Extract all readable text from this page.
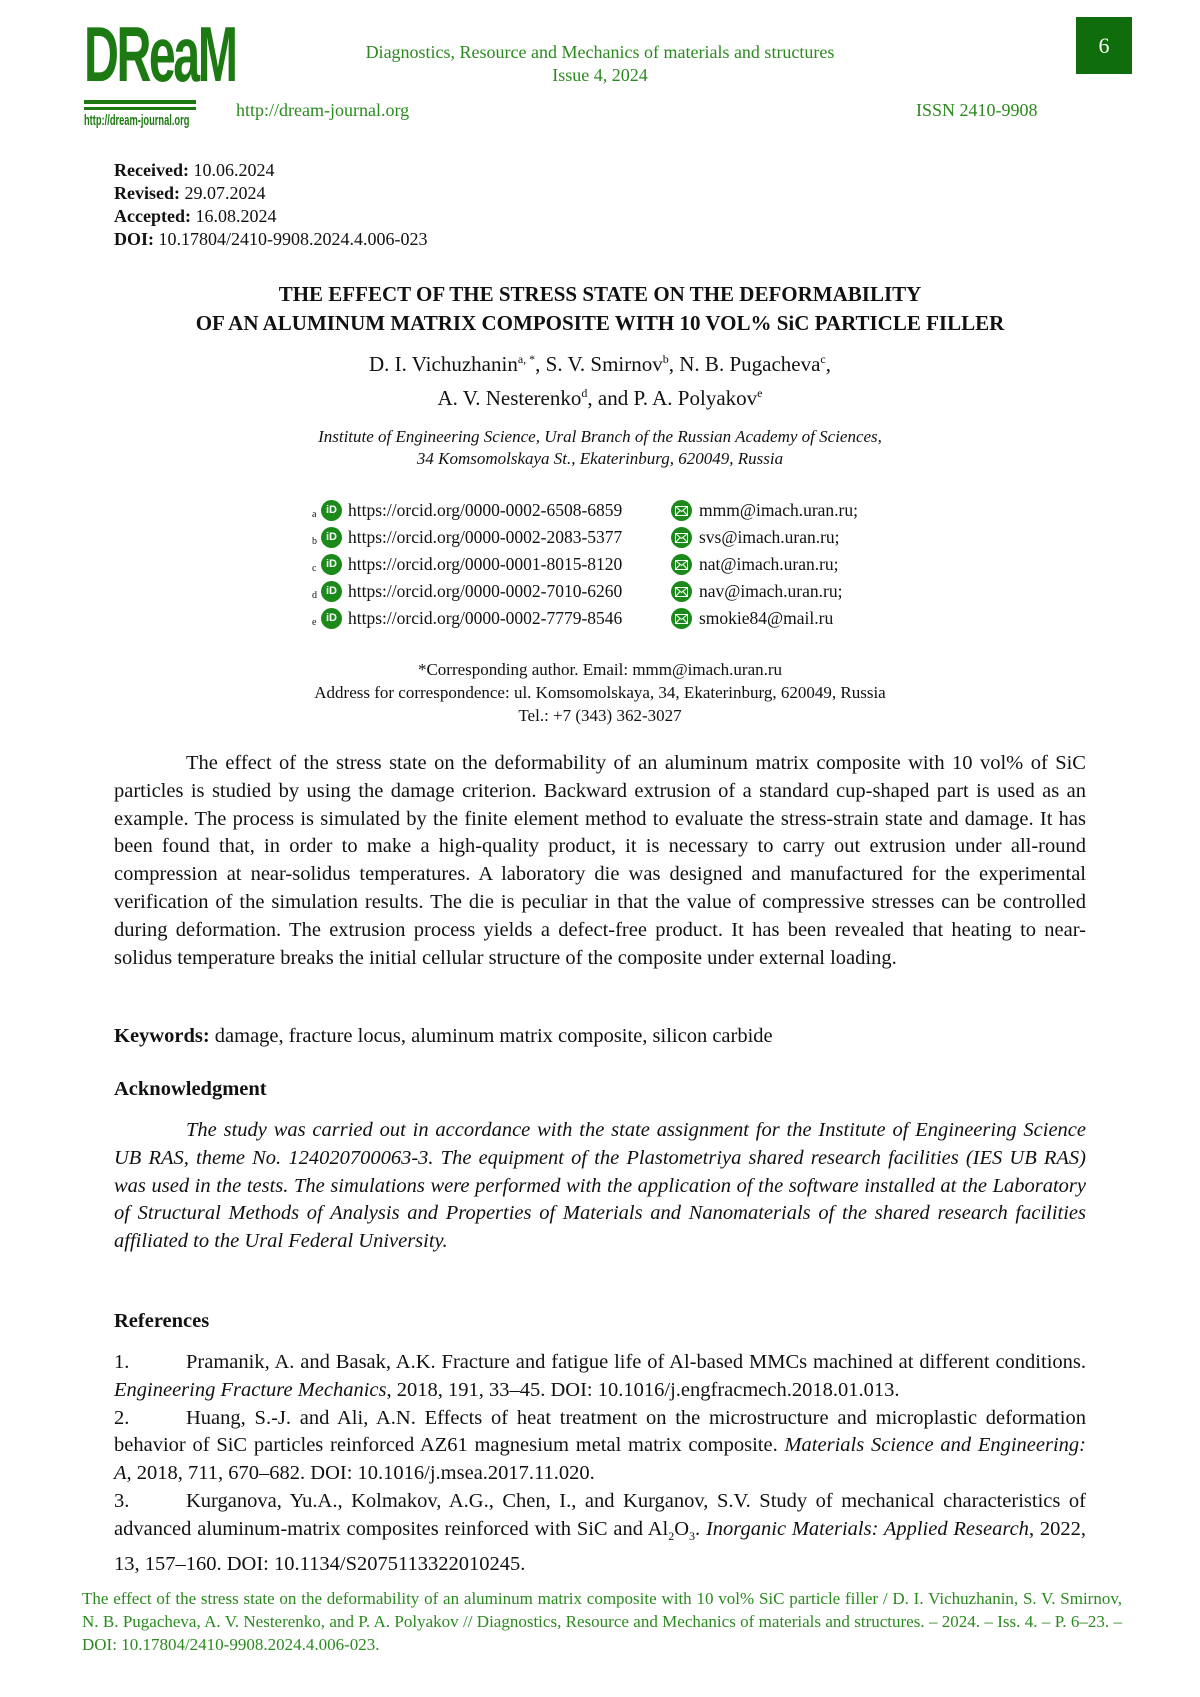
DReaM
http://dream-journal.org
Diagnostics, Resource and Mechanics of materials and structures
Issue 4, 2024
http://dream-journal.org	ISSN 2410-9908
6
Received: 10.06.2024
Revised: 29.07.2024
Accepted: 16.08.2024
DOI: 10.17804/2410-9908.2024.4.006-023
THE EFFECT OF THE STRESS STATE ON THE DEFORMABILITY
OF AN ALUMINUM MATRIX COMPOSITE WITH 10 VOL% SiC PARTICLE FILLER
D. I. Vichuzhanin$^{a, *}$, S. V. Smirnov$^b$, N. B. Pugacheva$^c$,
A. V. Nesterenko$^d$, and P. A. Polyakov$^e$
Institute of Engineering Science, Ural Branch of the Russian Academy of Sciences,
34 Komsomolskaya St., Ekaterinburg, 620049, Russia
a iD https://orcid.org/0000-0002-6508-6859	mmm@imach.uran.ru;
b iD https://orcid.org/0000-0002-2083-5377	svs@imach.uran.ru;
c iD https://orcid.org/0000-0001-8015-8120	nat@imach.uran.ru;
d iD https://orcid.org/0000-0002-7010-6260	nav@imach.uran.ru;
e iD https://orcid.org/0000-0002-7779-8546	smokie84@mail.ru
*Corresponding author. Email: mmm@imach.uran.ru
Address for correspondence: ul. Komsomolskaya, 34, Ekaterinburg, 620049, Russia
Tel.: +7 (343) 362-3027
The effect of the stress state on the deformability of an aluminum matrix composite with 10 vol% of SiC particles is studied by using the damage criterion. Backward extrusion of a standard cup-shaped part is used as an example. The process is simulated by the finite element method to evaluate the stress-strain state and damage. It has been found that, in order to make a high-quality product, it is necessary to carry out extrusion under all-round compression at near-solidus temperatures. A laboratory die was designed and manufactured for the experimental verification of the simulation results. The die is peculiar in that the value of compressive stresses can be controlled during deformation. The extrusion process yields a defect-free product. It has been revealed that heating to near-solidus temperature breaks the initial cellular structure of the composite under external loading.
Keywords: damage, fracture locus, aluminum matrix composite, silicon carbide
Acknowledgment
The study was carried out in accordance with the state assignment for the Institute of Engineering Science UB RAS, theme No. 124020700063-3. The equipment of the Plastometriya shared research facilities (IES UB RAS) was used in the tests. The simulations were performed with the application of the software installed at the Laboratory of Structural Methods of Analysis and Properties of Materials and Nanomaterials of the shared research facilities affiliated to the Ural Federal University.
References
1.	Pramanik, A. and Basak, A.K. Fracture and fatigue life of Al-based MMCs machined at different conditions. Engineering Fracture Mechanics, 2018, 191, 33–45. DOI: 10.1016/j.engfracmech.2018.01.013.
2.	Huang, S.-J. and Ali, A.N. Effects of heat treatment on the microstructure and microplastic deformation behavior of SiC particles reinforced AZ61 magnesium metal matrix composite. Materials Science and Engineering: A, 2018, 711, 670–682. DOI: 10.1016/j.msea.2017.11.020.
3.	Kurganova, Yu.A., Kolmakov, A.G., Chen, I., and Kurganov, S.V. Study of mechanical characteristics of advanced aluminum-matrix composites reinforced with SiC and $Al_2O_3$. Inorganic Materials: Applied Research, 2022, 13, 157–160. DOI: 10.1134/S2075113322010245.
The effect of the stress state on the deformability of an aluminum matrix composite with 10 vol% SiC particle filler / D. I. Vichuzhanin, S. V. Smirnov, N. B. Pugacheva, A. V. Nesterenko, and P. A. Polyakov // Diagnostics, Resource and Mechanics of materials and structures. – 2024. – Iss. 4. – P. 6–23. – DOI: 10.17804/2410-9908.2024.4.006-023.
